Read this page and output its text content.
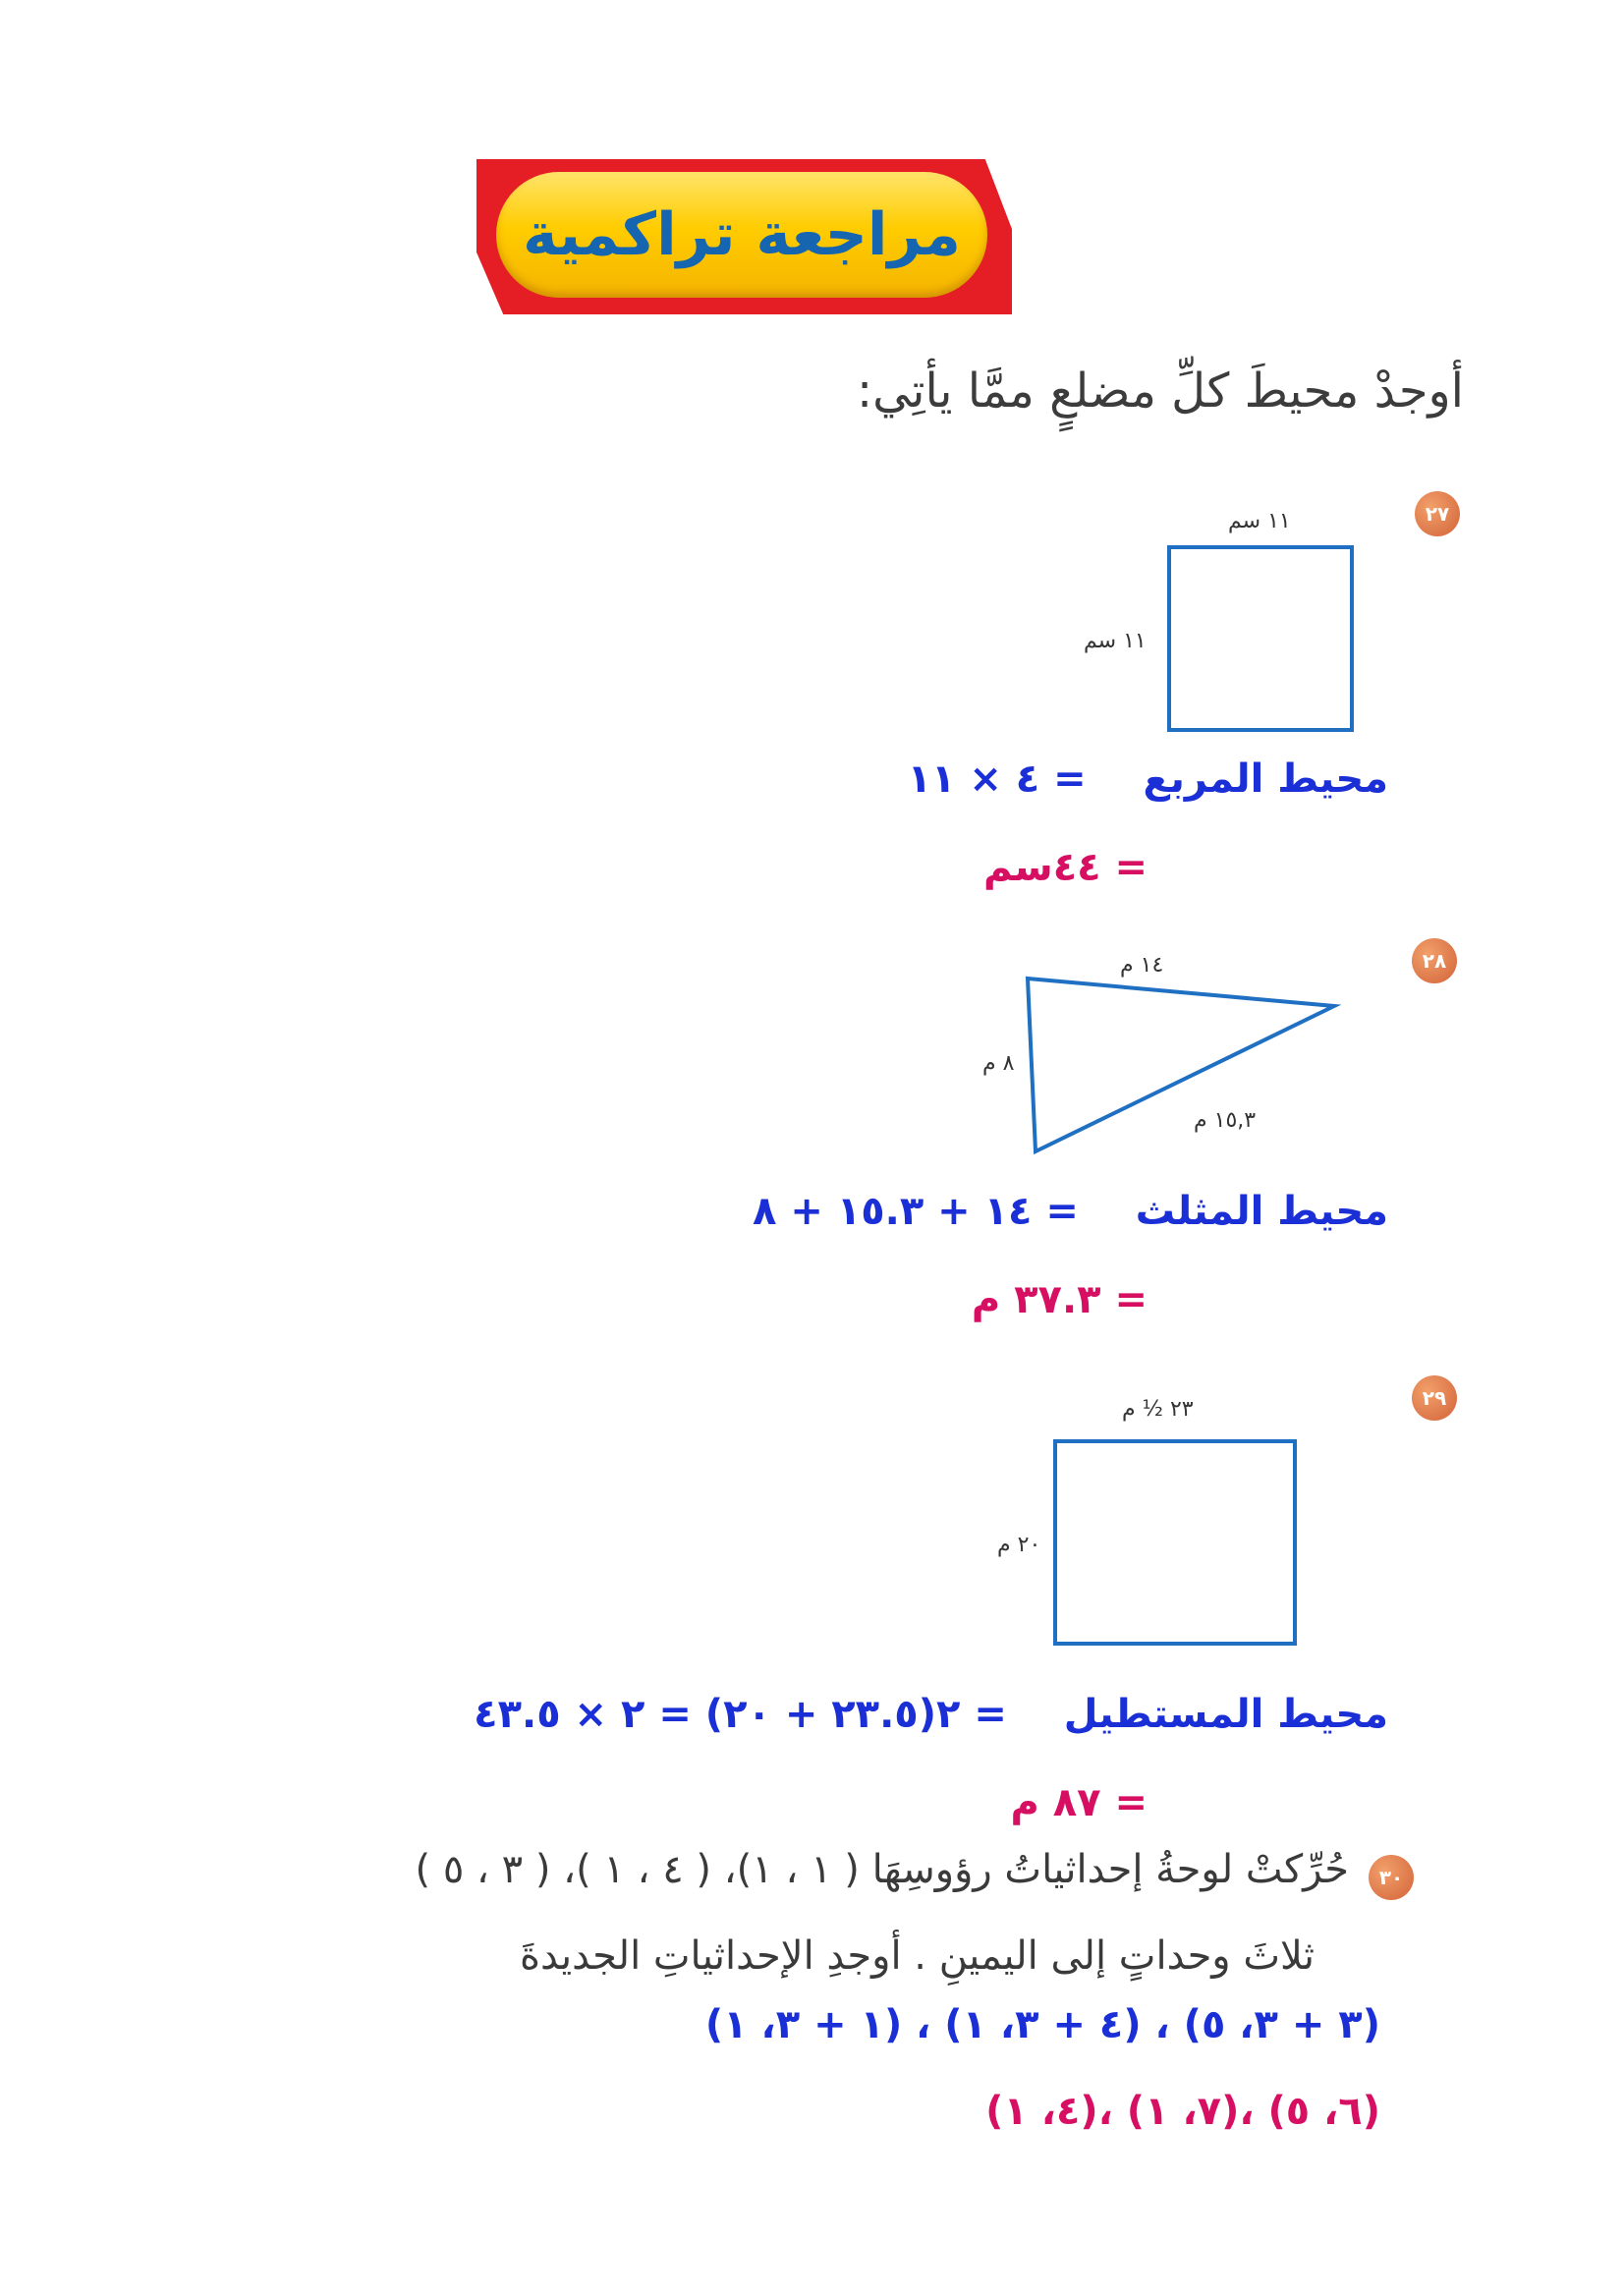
مراجعة تراكمية
أوجدْ محيطَ كلِّ مضلعٍ ممَّا يأتِي:
٢٧
١١ سم
١١ سم
محيط المربع  = ٤ × ١١
= ٤٤سم
٢٨
١٤ م
٨ م
١٥,٣ م
محيط المثلث  = ١٤ + ١٥.٣ + ٨
= ٣٧.٣ م
٢٩
٢٣ ½ م
٢٠ م
محيط المستطيل  = ٢(٢٣.٥ + ٢٠) = ٢ × ٤٣.٥
= ٨٧ م
٣٠
حُرِّكتْ لوحةُ إحداثياتُ رؤوسِهَا ( ١ ، ١)، ( ٤ ، ١ )، ( ٣ ، ٥ )
ثلاثَ وحداتٍ إلى اليمينِ . أوجدِ الإحداثياتِ الجديدةَ
(١ + ٣، ١) ، (٤ + ٣، ١) ، (٣ + ٣، ٥)
(٤، ١)، (٧، ١)، (٦، ٥)
